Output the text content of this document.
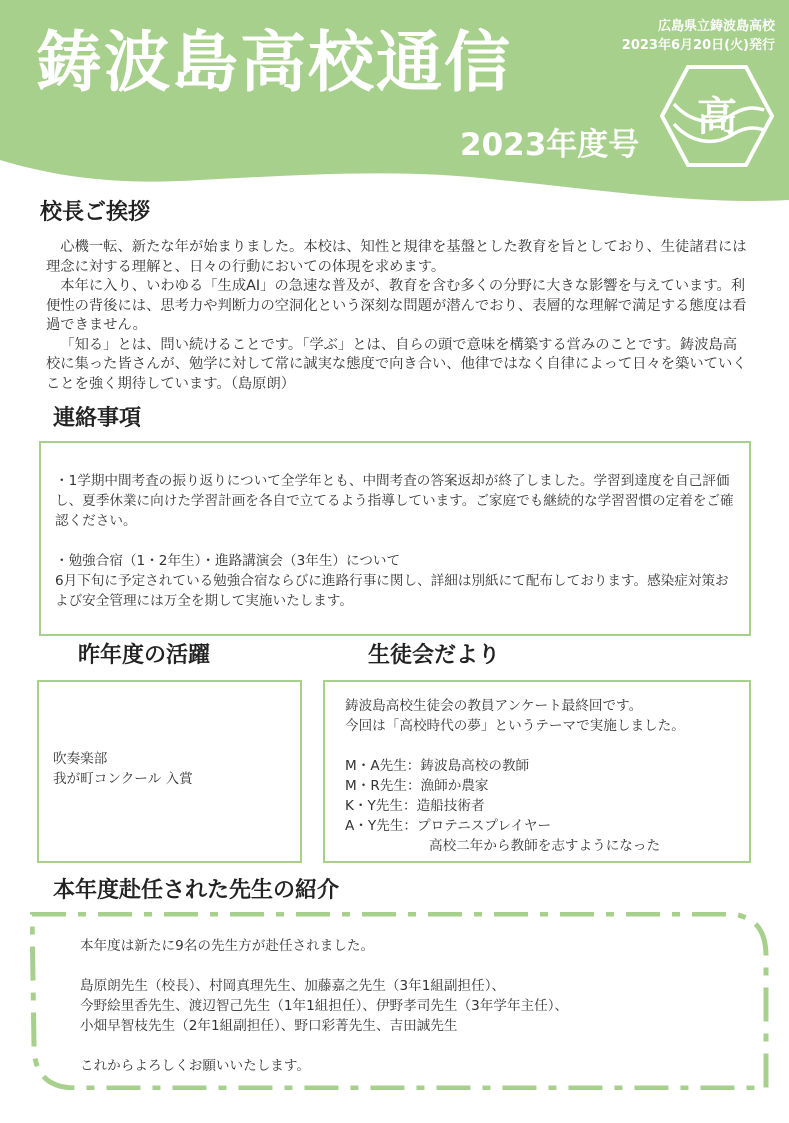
鋳波島高校通信
2023年度号
広島県立鋳波島高校
2023年6月20日(火)発行
高
校長ご挨拶

心機一転、新たな年が始まりました。本校は、知性と規律を基盤とした教育を旨としており、生徒諸君には理念に対する理解と、日々の行動においての体現を求めます。

本年に入り、いわゆる「生成AI」の急速な普及が、教育を含む多くの分野に大きな影響を与えています。利便性の背後には、思考力や判断力の空洞化という深刻な問題が潜んでおり、表層的な理解で満足する態度は看過できません。

「知る」とは、問い続けることです。「学ぶ」とは、自らの頭で意味を構築する営みのことです。鋳波島高校に集った皆さんが、勉学に対して常に誠実な態度で向き合い、他律ではなく自律によって日々を築いていくことを強く期待しています。（島原朗）

連絡事項

・1学期中間考査の振り返りについて全学年とも、中間考査の答案返却が終了しました。学習到達度を自己評価し、夏季休業に向けた学習計画を各自で立てるよう指導しています。ご家庭でも継続的な学習習慣の定着をご確認ください。

・勉強合宿（1・2年生）・進路講演会（3年生）について

6月下旬に予定されている勉強合宿ならびに進路行事に関し、詳細は別紙にて配布しております。感染症対策および安全管理には万全を期して実施いたします。

昨年度の活躍

吹奏楽部

我が町コンクール 入賞

生徒会だより

鋳波島高校生徒会の教員アンケート最終回です。

今回は「高校時代の夢」というテーマで実施しました。

M・A先生：鋳波島高校の教師

M・R先生：漁師か農家

K・Y先生：造船技術者

A・Y先生：プロテニスプレイヤー

高校二年から教師を志すようになった

本年度赴任された先生の紹介

本年度は新たに9名の先生方が赴任されました。

島原朗先生（校長）、村岡真理先生、加藤嘉之先生（3年1組副担任）、

今野絵里香先生、渡辺智己先生（1年1組担任）、伊野孝司先生（3年学年主任）、

小畑早智枝先生（2年1組副担任）、野口彩菁先生、吉田誠先生

これからよろしくお願いいたします。
